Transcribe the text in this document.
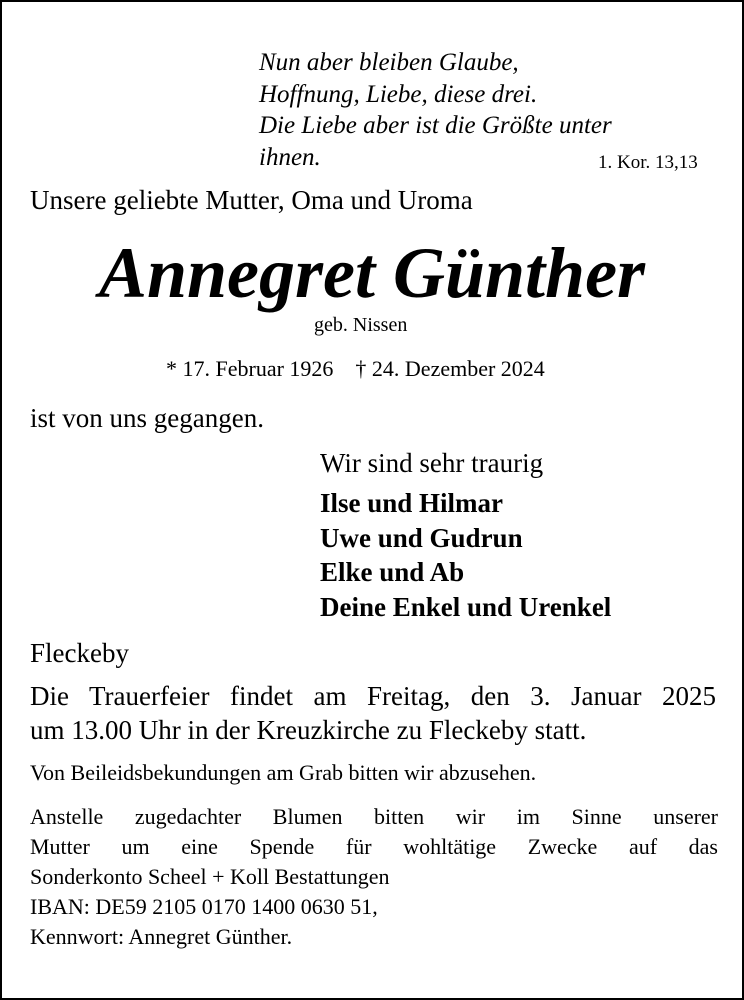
Nun aber bleiben Glaube,
Hoffnung, Liebe, diese drei.
Die Liebe aber ist die Größte unter
ihnen.	1. Kor. 13,13
Unsere geliebte Mutter, Oma und Uroma
Annegret Günther
geb. Nissen
* 17. Februar 1926 † 24. Dezember 2024
ist von uns gegangen.
Wir sind sehr traurig
Ilse und Hilmar
Uwe und Gudrun
Elke und Ab
Deine Enkel und Urenkel
Fleckeby
Die Trauerfeier findet am Freitag, den 3. Januar 2025
um 13.00 Uhr in der Kreuzkirche zu Fleckeby statt.
Von Beileidsbekundungen am Grab bitten wir abzusehen.
Anstelle zugedachter Blumen bitten wir im Sinne unserer
Mutter um eine Spende für wohltätige Zwecke auf das
Sonderkonto Scheel + Koll Bestattungen
IBAN: DE59 2105 0170 1400 0630 51,
Kennwort: Annegret Günther.
